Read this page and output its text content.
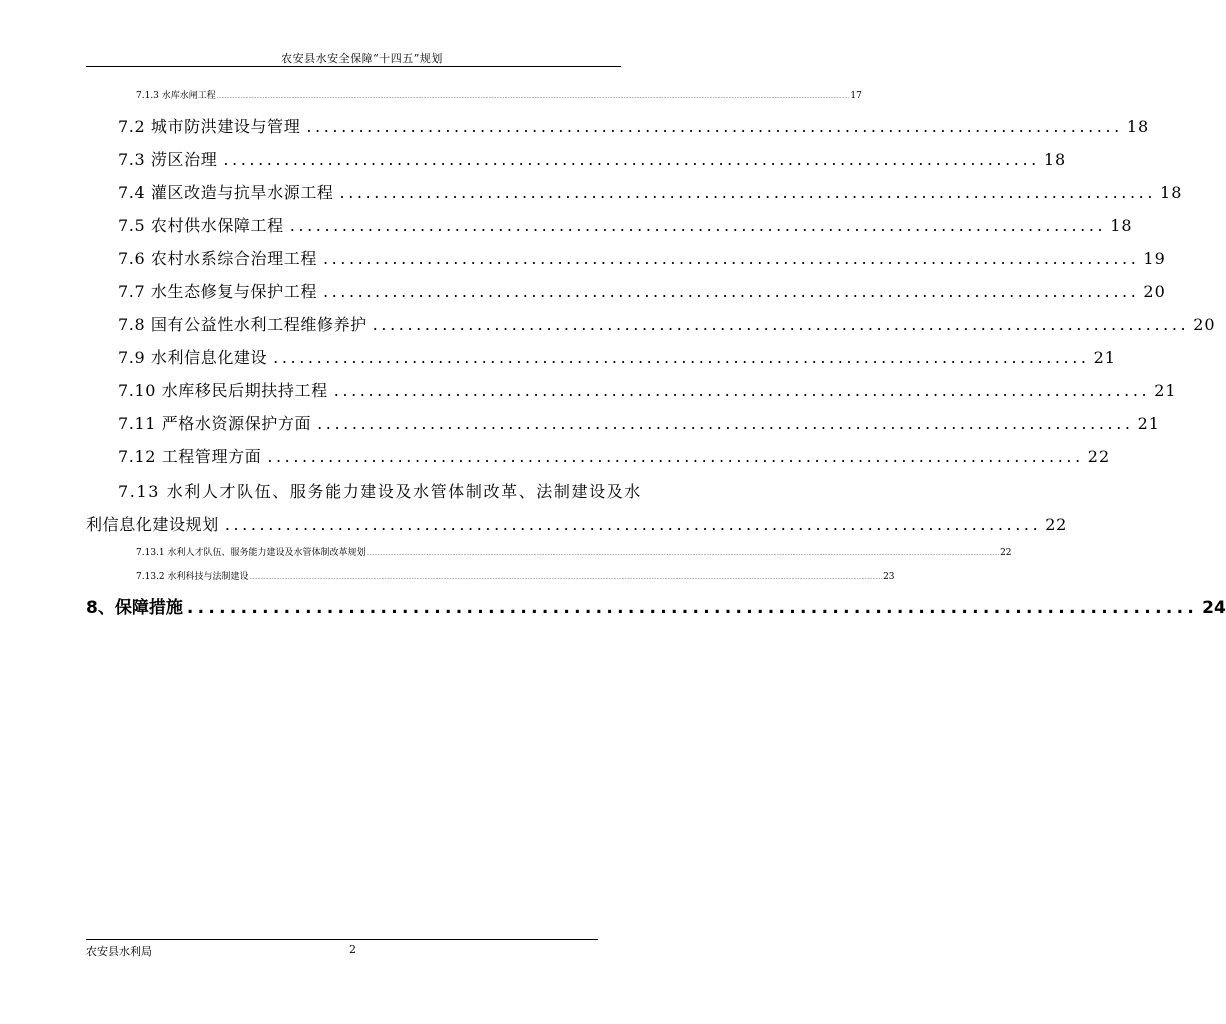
农安县水安全保障“十四五”规划
7.1.3 水库水闸工程 .............................................................................................................................................................................................................................................................................................................................................................................................................. 17
7.2 城市防洪建设与管理 .............................................................................................. 18
7.3 涝区治理 .............................................................................................. 18
7.4 灌区改造与抗旱水源工程 .............................................................................................. 18
7.5 农村供水保障工程 .............................................................................................. 18
7.6 农村水系综合治理工程 .............................................................................................. 19
7.7 水生态修复与保护工程 .............................................................................................. 20
7.8 国有公益性水利工程维修养护 .............................................................................................. 20
7.9 水利信息化建设 .............................................................................................. 21
7.10 水库移民后期扶持工程 .............................................................................................. 21
7.11 严格水资源保护方面 .............................................................................................. 21
7.12 工程管理方面 .............................................................................................. 22
7.13 水利人才队伍、服务能力建设及水管体制改革、法制建设及水
利信息化建设规划 .............................................................................................. 22
7.13.1 水利人才队伍、服务能力建设及水管体制改革规划 .............................................................................................................................................................................................................................................................................................................................................................................................................. 22
7.13.2 水利科技与法制建设 .............................................................................................................................................................................................................................................................................................................................................................................................................. 23
8、保障措施 .............................................................................................. 24
农安县水利局	2
